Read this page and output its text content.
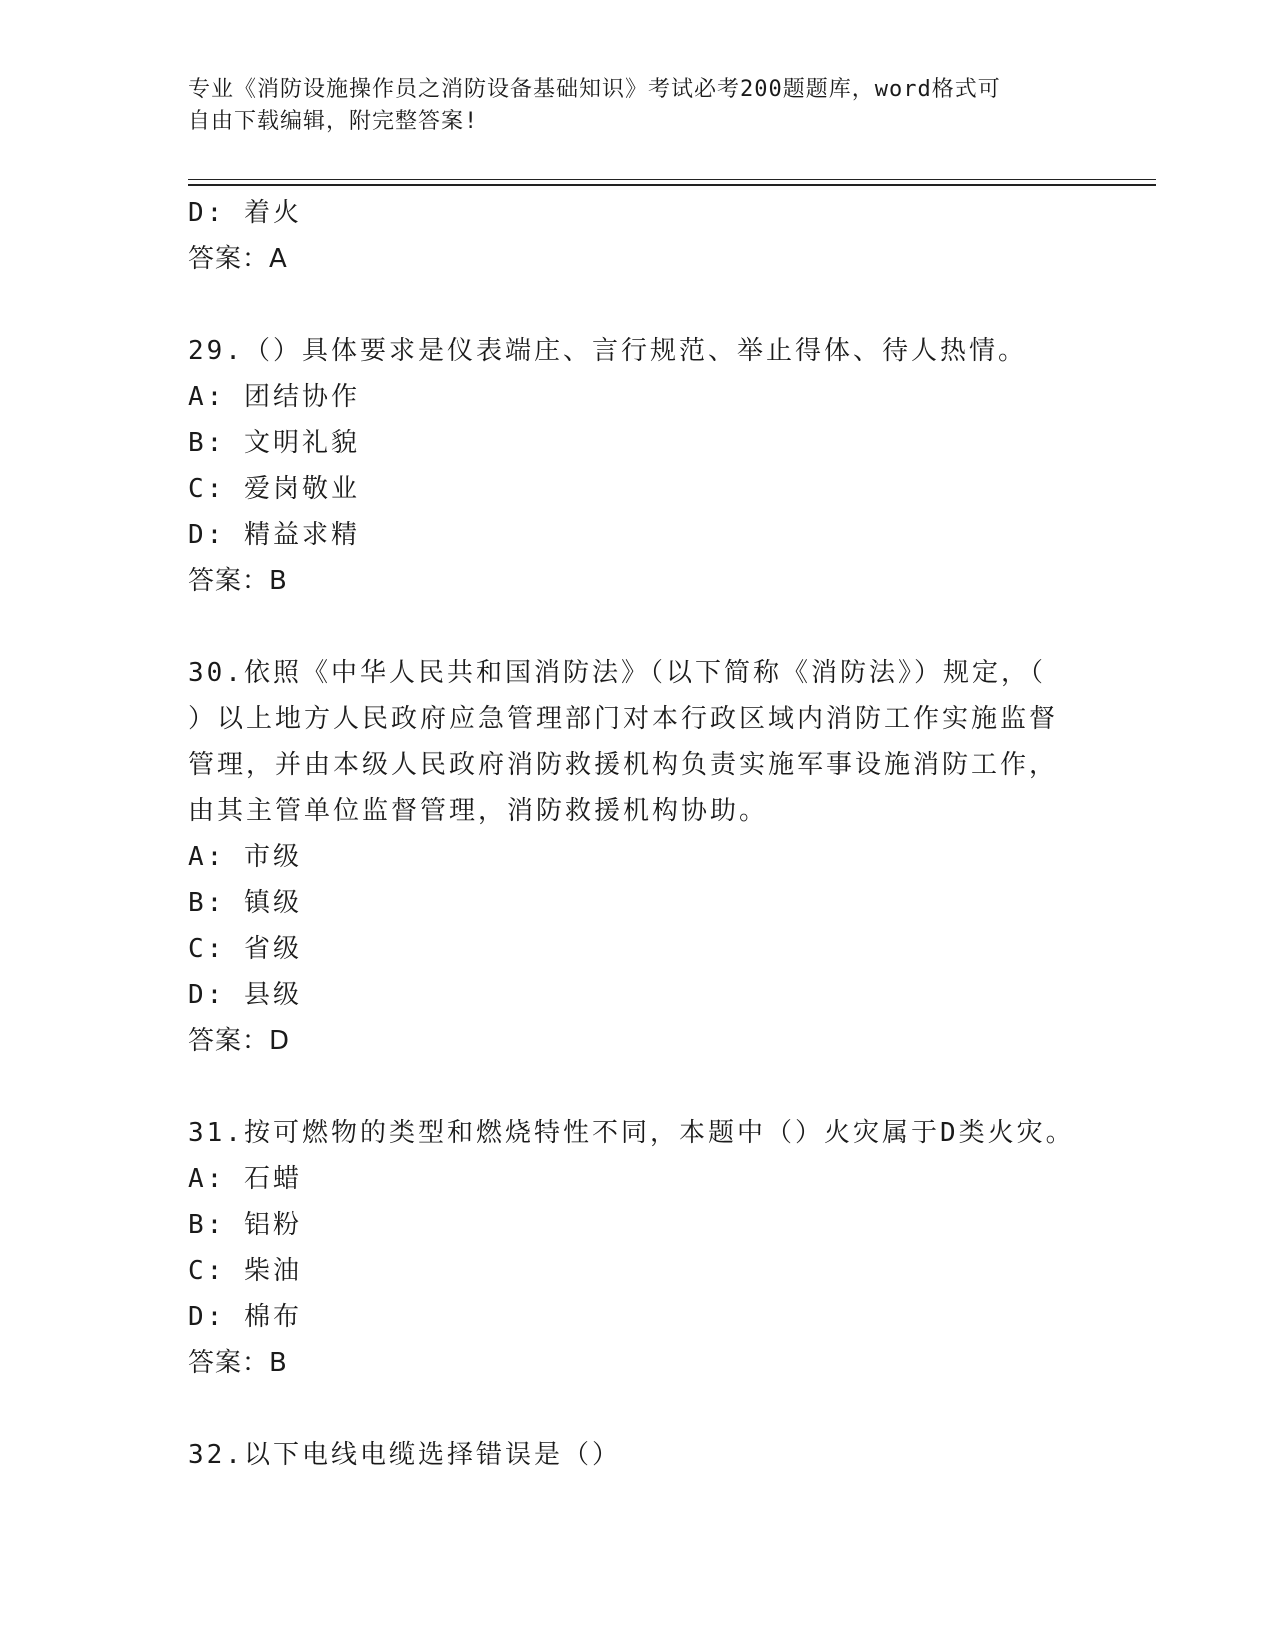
专业《消防设施操作员之消防设备基础知识》考试必考200题题库，word格式可
自由下载编辑，附完整答案!
D: 着火
答案：A
29.（）具体要求是仪表端庄、言行规范、举止得体、待人热情。
A: 团结协作
B: 文明礼貌
C: 爱岗敬业
D: 精益求精
答案：B
30.依照《中华人民共和国消防法》（以下简称《消防法》）规定，（
）以上地方人民政府应急管理部门对本行政区域内消防工作实施监督
管理，并由本级人民政府消防救援机构负责实施军事设施消防工作，
由其主管单位监督管理，消防救援机构协助。
A: 市级
B: 镇级
C: 省级
D: 县级
答案：D
31.按可燃物的类型和燃烧特性不同，本题中（）火灾属于D类火灾。
A: 石蜡
B: 铝粉
C: 柴油
D: 棉布
答案：B
32.以下电线电缆选择错误是（）
